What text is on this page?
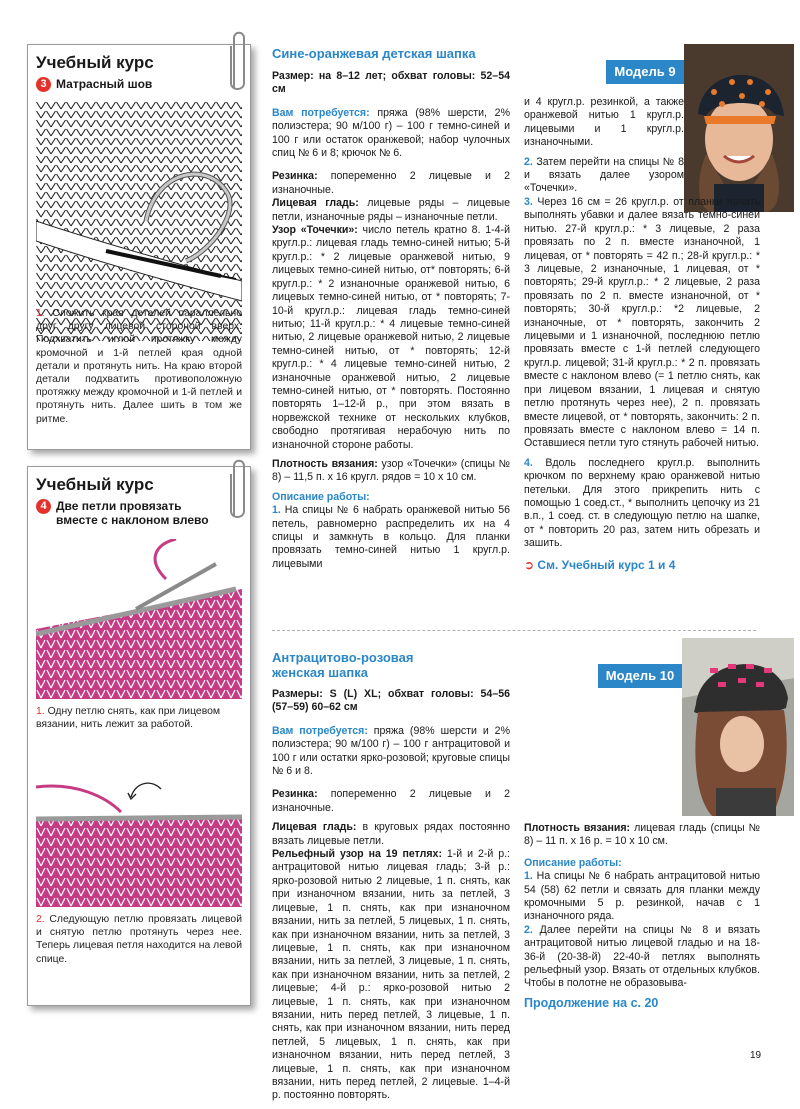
Учебный курс
3 Матрасный шов
1. Сложить края деталей параллельно друг другу лицевой стороной вверх. Подхватить иглой протяжку между кромочной и 1-й петлей края одной детали и протянуть нить. На краю второй детали подхватить противоположную протяжку между кромочной и 1-й петлей и протянуть нить. Далее шить в том же ритме.
Учебный курс
4 Две петли провязать вместе с наклоном влево
1. Одну петлю снять, как при лицевом вязании, нить лежит за работой.
2. Следующую петлю провязать лицевой и снятую петлю протянуть через нее. Теперь лицевая петля находится на левой спице.
Сине-оранжевая детская шапка
Модель 9

Размер: на 8–12 лет; обхват головы: 52–54 см

Вам потребуется: пряжа (98% шерсти, 2% полиэстера; 90 м/100 г) – 100 г темно-синей и 100 г или остаток оранжевой; набор чулочных спиц № 6 и 8; крючок № 6.

Резинка: попеременно 2 лицевые и 2 изнаночные.

Лицевая гладь: лицевые ряды – лицевые петли, изнаночные ряды – изнаночные петли.

Узор «Точечки»: число петель кратно 8. 1-4-й кругл.р.: лицевая гладь темно-синей нитью; 5-й кругл.р.: * 2 лицевые оранжевой нитью, 9 лицевых темно-синей нитью, от* повторять; 6-й кругл.р.: * 2 изнаночные оранжевой нитью, 6 лицевых темно-синей нитью, от * повторять; 7-10-й кругл.р.: лицевая гладь темно-синей нитью; 11-й кругл.р.: * 4 лицевые темно-синей нитью, 2 лицевые оранжевой нитью, 2 лицевые темно-синей нитью, от * повторять; 12-й кругл.р.: * 4 лицевые темно-синей нитью, 2 изнаночные оранжевой нитью, 2 лицевые темно-синей нитью, от * повторять. Постоянно повторять 1–12-й р., при этом вязать в норвежской технике от нескольких клубков, свободно протягивая нерабочую нить по изнаночной стороне работы.

Плотность вязания: узор «Точечки» (спицы № 8) – 11,5 п. х 16 кругл. рядов = 10 х 10 см.

Описание работы:

1. На спицы № 6 набрать оранжевой нитью 56 петель, равномерно распределить их на 4 спицы и замкнуть в кольцо. Для планки провязать темно-синей нитью 1 кругл.р. лицевыми

и 4 кругл.р. резинкой, а также оранжевой нитью 1 кругл.р. лицевыми и 1 кругл.р. изнаночными.

2. Затем перейти на спицы № 8 и вязать далее узором «Точечки».

3. Через 16 см = 26 кругл.р. от планки начать выполнять убавки и далее вязать темно-синей нитью. 27-й кругл.р.: * 3 лицевые, 2 раза провязать по 2 п. вместе изнаночной, 1 лицевая, от * повторять = 42 п.; 28-й кругл.р.: * 3 лицевые, 2 изнаночные, 1 лицевая, от * повторять; 29-й кругл.р.: * 2 лицевые, 2 раза провязать по 2 п. вместе изнаночной, от * повторять; 30-й кругл.р.: *2 лицевые, 2 изнаночные, от * повторять, закончить 2 лицевыми и 1 изнаночной, последнюю петлю провязать вместе с 1-й петлей следующего кругл.р. лицевой; 31-й кругл.р.: * 2 п. провязать вместе с наклоном влево (= 1 петлю снять, как при лицевом вязании, 1 лицевая и снятую петлю протянуть через нее), 2 п. провязать вместе лицевой, от * повторять, закончить: 2 п. провязать вместе с наклоном влево = 14 п. Оставшиеся петли туго стянуть рабочей нитью.

4. Вдоль последнего кругл.р. выполнить крючком по верхнему краю оранжевой нитью петельки. Для этого прикрепить нить с помощью 1 соед.ст., * выполнить цепочку из 21 в.п., 1 соед. ст. в следующую петлю на шапке, от * повторить 20 раз, затем нить обрезать и зашить.

➲ См. Учебный курс 1 и 4

Антрацитово-розовая
женская шапка	Модель 10

Размеры: S (L) XL; обхват головы: 54–56 (57–59) 60–62 см

Вам потребуется: пряжа (98% шерсти и 2% полиэстера; 90 м/100 г) – 100 г антрацитовой и 100 г или остатки ярко-розовой; круговые спицы № 6 и 8.

Резинка: попеременно 2 лицевые и 2 изнаночные.

Лицевая гладь: в круговых рядах постоянно вязать лицевые петли.

Рельефный узор на 19 петлях: 1-й и 2-й р.: антрацитовой нитью лицевая гладь; 3-й р.: ярко-розовой нитью 2 лицевые, 1 п. снять, как при изнаночном вязании, нить за петлей, 3 лицевые, 1 п. снять, как при изнаночном вязании, нить за петлей, 5 лицевых, 1 п. снять, как при изнаночном вязании, нить за петлей, 3 лицевые, 1 п. снять, как при изнаночном вязании, нить за петлей, 3 лицевые, 1 п. снять, как при изнаночном вязании, нить за петлей, 2 лицевые; 4-й р.: ярко-розовой нитью 2 лицевые, 1 п. снять, как при изнаночном вязании, нить перед петлей, 3 лицевые, 1 п. снять, как при изнаночном вязании, нить перед петлей, 5 лицевых, 1 п. снять, как при изнаночном вязании, нить перед петлей, 3 лицевые, 1 п. снять, как при изнаночном вязании, нить перед петлей, 2 лицевые. 1–4-й р. постоянно повторять.

Плотность вязания: лицевая гладь (спицы № 8) – 11 п. х 16 р. = 10 х 10 см.

Описание работы:

1. На спицы № 6 набрать антрацитовой нитью 54 (58) 62 петли и связать для планки между кромочными 5 р. резинкой, начав с 1 изнаночного ряда.

2. Далее перейти на спицы № 8 и вязать антрацитовой нитью лицевой гладью и на 18-36-й (20-38-й) 22-40-й петлях выполнять рельефный узор. Вязать от отдельных клубков. Чтобы в полотне не образовыва-

Продолжение на с. 20

19
